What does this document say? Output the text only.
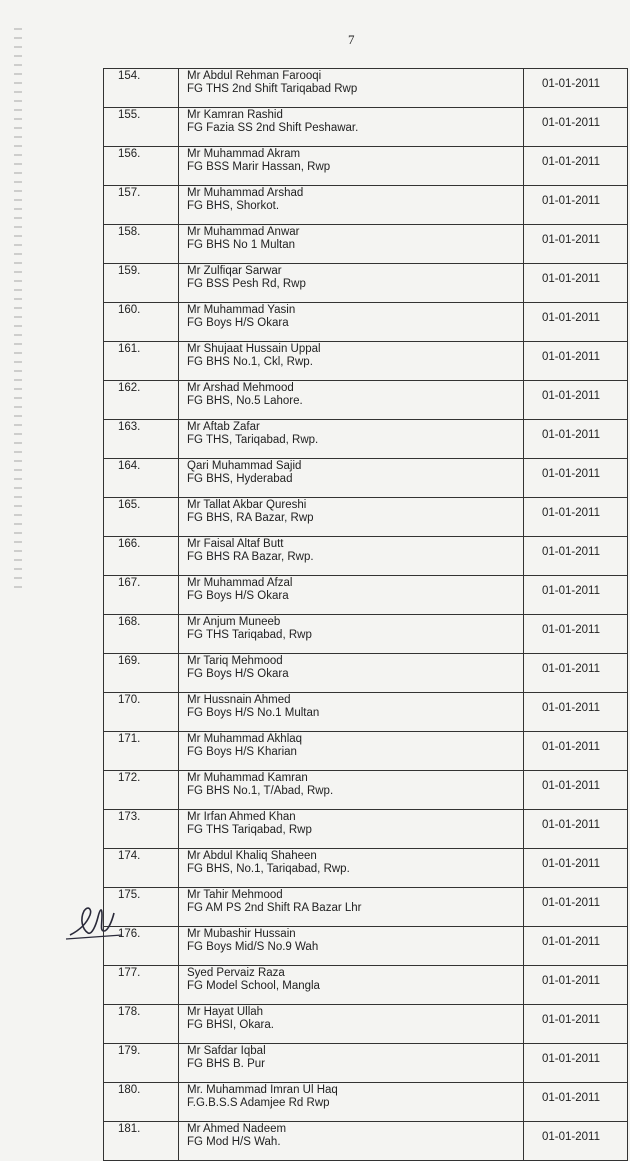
7
154.	Mr Abdul Rehman Farooqi
FG THS 2nd Shift Tariqabad Rwp	01-01-2011
155.	Mr Kamran Rashid
FG Fazia SS 2nd Shift Peshawar.	01-01-2011
156.	Mr Muhammad Akram
FG BSS Marir Hassan, Rwp	01-01-2011
157.	Mr Muhammad Arshad
FG BHS, Shorkot.	01-01-2011
158.	Mr Muhammad Anwar
FG BHS No 1 Multan	01-01-2011
159.	Mr Zulfiqar Sarwar
FG BSS Pesh Rd, Rwp	01-01-2011
160.	Mr Muhammad Yasin
FG Boys H/S Okara	01-01-2011
161.	Mr Shujaat Hussain Uppal
FG BHS No.1, Ckl, Rwp.	01-01-2011
162.	Mr Arshad Mehmood
FG BHS, No.5 Lahore.	01-01-2011
163.	Mr Aftab Zafar
FG THS, Tariqabad, Rwp.	01-01-2011
164.	Qari Muhammad Sajid
FG BHS, Hyderabad	01-01-2011
165.	Mr Tallat Akbar Qureshi
FG BHS, RA Bazar, Rwp	01-01-2011
166.	Mr Faisal Altaf Butt
FG BHS RA Bazar, Rwp.	01-01-2011
167.	Mr Muhammad Afzal
FG Boys H/S Okara	01-01-2011
168.	Mr Anjum Muneeb
FG THS Tariqabad, Rwp	01-01-2011
169.	Mr Tariq Mehmood
FG Boys H/S Okara	01-01-2011
170.	Mr Hussnain Ahmed
FG Boys H/S No.1 Multan	01-01-2011
171.	Mr Muhammad Akhlaq
FG Boys H/S Kharian	01-01-2011
172.	Mr Muhammad Kamran
FG BHS No.1, T/Abad, Rwp.	01-01-2011
173.	Mr Irfan Ahmed Khan
FG THS Tariqabad, Rwp	01-01-2011
174.	Mr Abdul Khaliq Shaheen
FG BHS, No.1, Tariqabad, Rwp.	01-01-2011
175.	Mr Tahir Mehmood
FG AM PS 2nd Shift RA Bazar Lhr	01-01-2011
176.	Mr Mubashir Hussain
FG Boys Mid/S No.9 Wah	01-01-2011
177.	Syed Pervaiz Raza
FG Model School, Mangla	01-01-2011
178.	Mr Hayat Ullah
FG BHSI, Okara.	01-01-2011
179.	Mr Safdar Iqbal
FG BHS B. Pur	01-01-2011
180.	Mr. Muhammad Imran Ul Haq
F.G.B.S.S Adamjee Rd Rwp	01-01-2011
181.	Mr Ahmed Nadeem
FG Mod H/S Wah.	01-01-2011
